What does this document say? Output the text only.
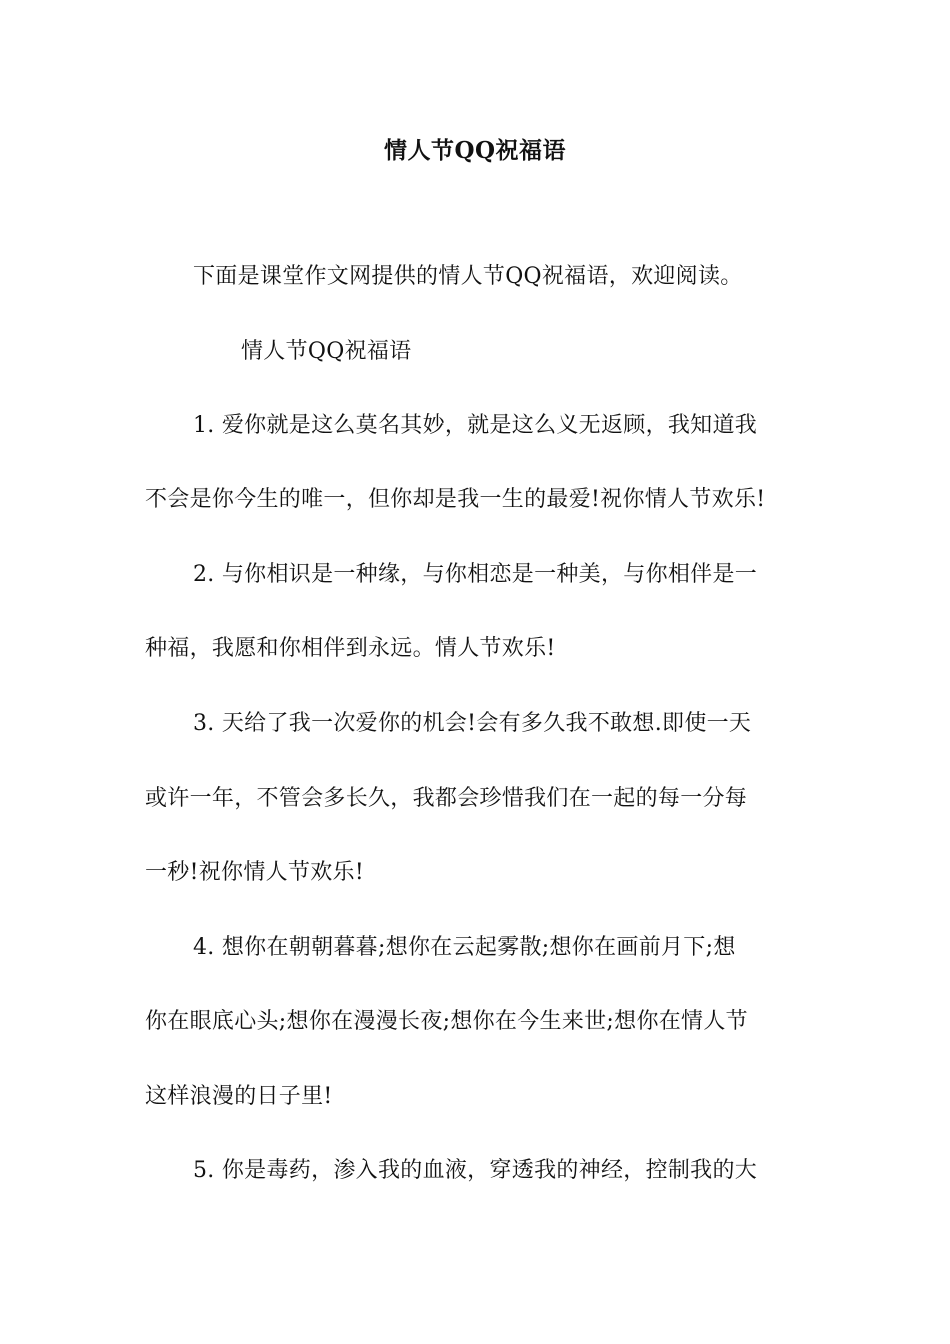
情人节QQ祝福语
下面是课堂作文网提供的情人节QQ祝福语，欢迎阅读。
情人节QQ祝福语
1. 爱你就是这么莫名其妙，就是这么义无返顾，我知道我
不会是你今生的唯一，但你却是我一生的最爱!祝你情人节欢乐!
2. 与你相识是一种缘，与你相恋是一种美，与你相伴是一
种福，我愿和你相伴到永远。情人节欢乐!
3. 天给了我一次爱你的机会!会有多久我不敢想.即使一天
或许一年，不管会多长久，我都会珍惜我们在一起的每一分每
一秒!祝你情人节欢乐!
4. 想你在朝朝暮暮;想你在云起雾散;想你在画前月下;想
你在眼底心头;想你在漫漫长夜;想你在今生来世;想你在情人节
这样浪漫的日子里!
5. 你是毒药，渗入我的血液，穿透我的神经，控制我的大
